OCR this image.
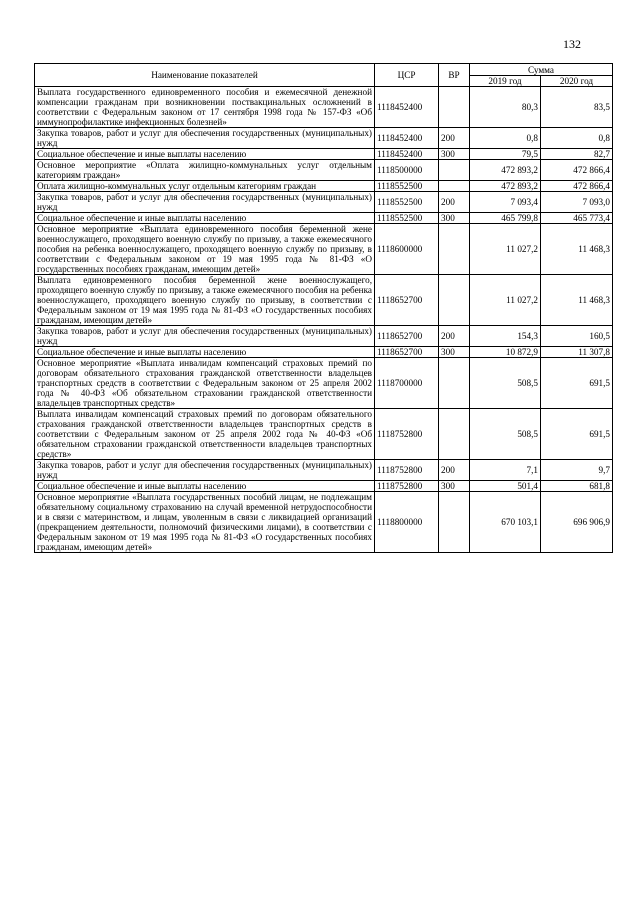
132
Наименование показателей	ЦСР	ВР	Сумма	
			2019 год	2020 год
Выплата государственного единовременного пособия и ежемесячной денежной компенсации гражданам при возникновении поствакцинальных осложнений в соответствии с Федеральным законом от 17 сентября 1998 года № 157-ФЗ «Об иммунопрофилактике инфекционных болезней»	1118452400		80,3	83,5
Закупка товаров, работ и услуг для обеспечения государственных (муниципальных) нужд	1118452400	200	0,8	0,8
Социальное обеспечение и иные выплаты населению	1118452400	300	79,5	82,7
Основное мероприятие «Оплата жилищно-коммунальных услуг отдельным категориям граждан»	1118500000		472 893,2	472 866,4
Оплата жилищно-коммунальных услуг отдельным категориям граждан	1118552500		472 893,2	472 866,4
Закупка товаров, работ и услуг для обеспечения государственных (муниципальных) нужд	1118552500	200	7 093,4	7 093,0
Социальное обеспечение и иные выплаты населению	1118552500	300	465 799,8	465 773,4
Основное мероприятие «Выплата единовременного пособия беременной жене военнослужащего, проходящего военную службу по призыву, а также ежемесячного пособия на ребенка военнослужащего, проходящего военную службу по призыву, в соответствии с Федеральным законом от 19 мая 1995 года № 81-ФЗ «О государственных пособиях гражданам, имеющим детей»	1118600000		11 027,2	11 468,3
Выплата единовременного пособия беременной жене военнослужащего, проходящего военную службу по призыву, а также ежемесячного пособия на ребенка военнослужащего, проходящего военную службу по призыву, в соответствии с Федеральным законом от 19 мая 1995 года № 81-ФЗ «О государственных пособиях гражданам, имеющим детей»	1118652700		11 027,2	11 468,3
Закупка товаров, работ и услуг для обеспечения государственных (муниципальных) нужд	1118652700	200	154,3	160,5
Социальное обеспечение и иные выплаты населению	1118652700	300	10 872,9	11 307,8
Основное мероприятие «Выплата инвалидам компенсаций страховых премий по договорам обязательного страхования гражданской ответственности владельцев транспортных средств в соответствии с Федеральным законом от 25 апреля 2002 года № 40-ФЗ «Об обязательном страховании гражданской ответственности владельцев транспортных средств»	1118700000		508,5	691,5
Выплата инвалидам компенсаций страховых премий по договорам обязательного страхования гражданской ответственности владельцев транспортных средств в соответствии с Федеральным законом от 25 апреля 2002 года № 40-ФЗ «Об обязательном страховании гражданской ответственности владельцев транспортных средств»	1118752800		508,5	691,5
Закупка товаров, работ и услуг для обеспечения государственных (муниципальных) нужд	1118752800	200	7,1	9,7
Социальное обеспечение и иные выплаты населению	1118752800	300	501,4	681,8
Основное мероприятие «Выплата государственных пособий лицам, не подлежащим обязательному социальному страхованию на случай временной нетрудоспособности и в связи с материнством, и лицам, уволенным в связи с ликвидацией организаций (прекращением деятельности, полномочий физическими лицами), в соответствии с Федеральным законом от 19 мая 1995 года № 81-ФЗ «О государственных пособиях гражданам, имеющим детей»	1118800000		670 103,1	696 906,9
